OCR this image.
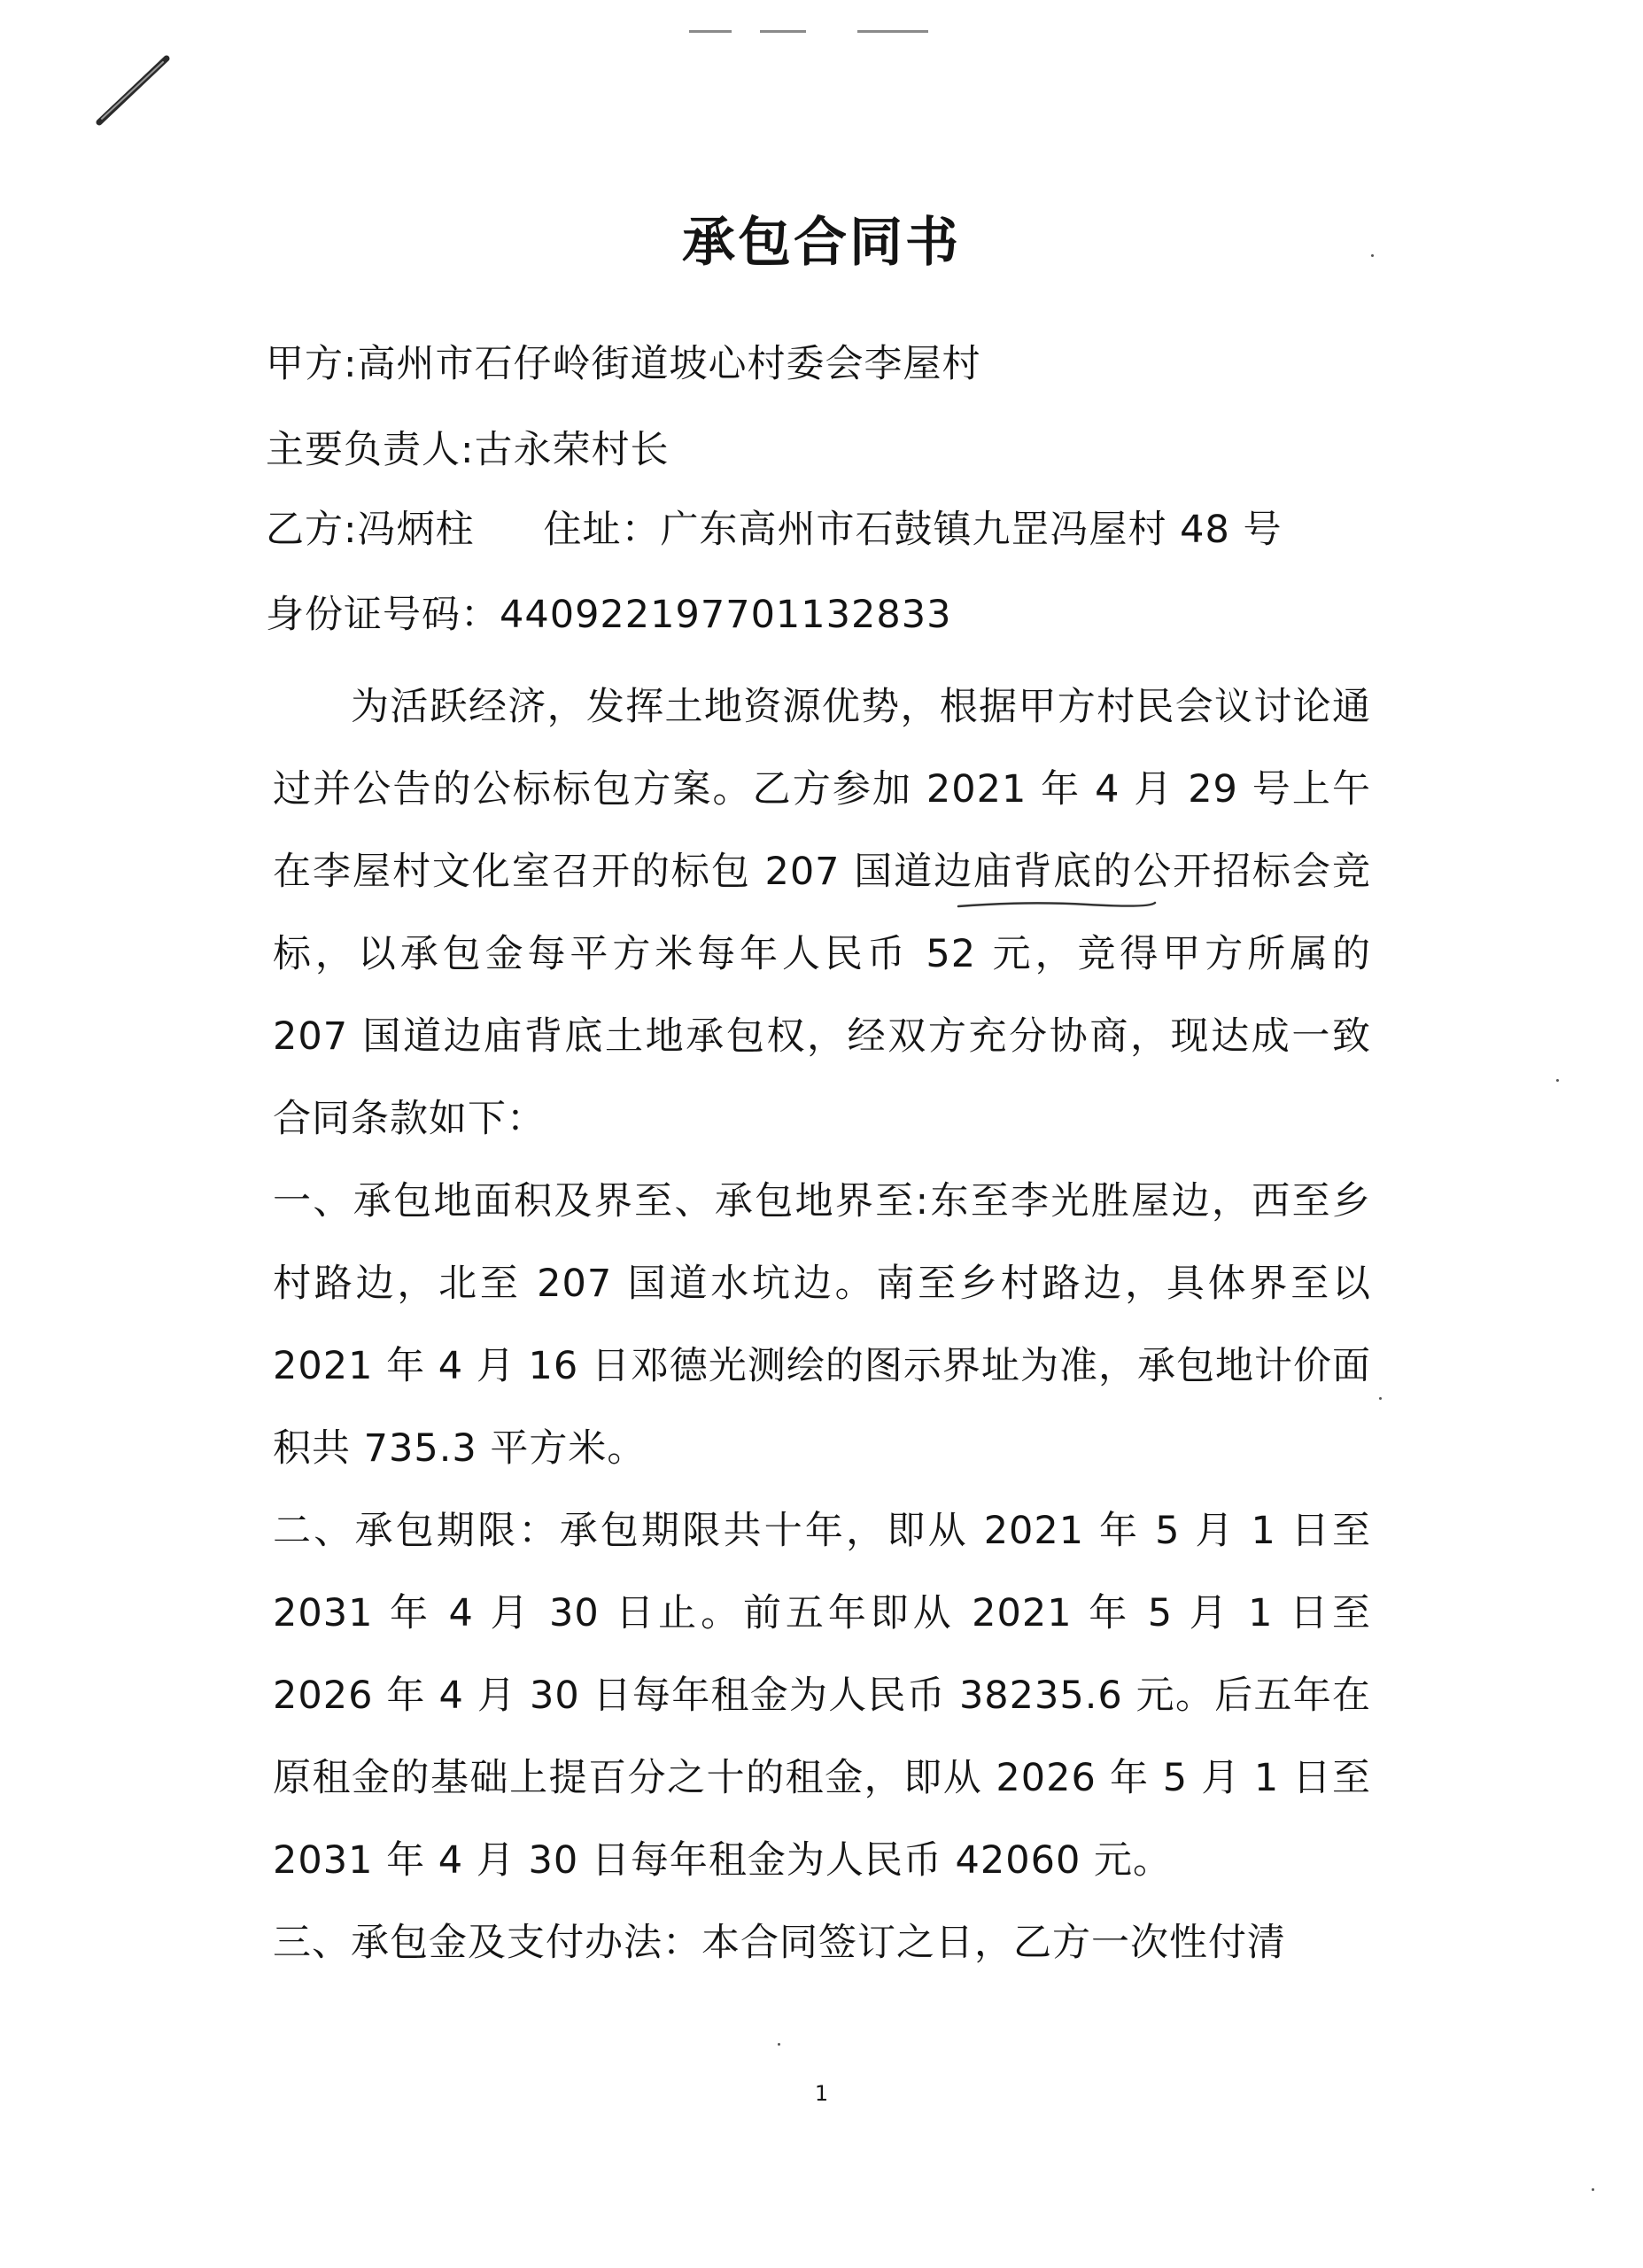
承包合同书
甲方:高州市石仔岭街道坡心村委会李屋村
主要负责人:古永荣村长
乙方:冯炳柱 住址：广东高州市石鼓镇九罡冯屋村 48 号
身份证号码：440922197701132833

为活跃经济，发挥土地资源优势，根据甲方村民会议讨论通过并公告的公标标包方案。乙方参加 2021 年 4 月 29 号上午在李屋村文化室召开的标包 207 国道边庙背底的公开招标会竞标，以承包金每平方米每年人民币 52 元，竞得甲方所属的 207 国道边庙背底土地承包权，经双方充分协商，现达成一致合同条款如下：

一、承包地面积及界至、承包地界至:东至李光胜屋边，西至乡村路边，北至 207 国道水坑边。南至乡村路边，具体界至以 2021 年 4 月 16 日邓德光测绘的图示界址为准，承包地计价面积共 735.3 平方米。

二、承包期限：承包期限共十年，即从 2021 年 5 月 1 日至 2031 年 4 月 30 日止。前五年即从 2021 年 5 月 1 日至 2026 年 4 月 30 日每年租金为人民币 38235.6 元。后五年在原租金的基础上提百分之十的租金，即从 2026 年 5 月 1 日至 2031 年 4 月 30 日每年租金为人民币 42060 元。

三、承包金及支付办法：本合同签订之日，乙方一次性付清

1
